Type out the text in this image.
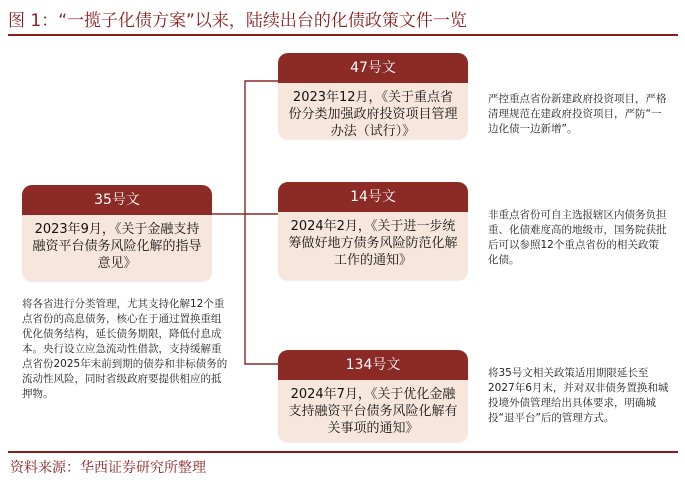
图 1：“一揽子化债方案”以来，陆续出台的化债政策文件一览
35号文
2023年9月，《关于金融支持融资平台债务风险化解的指导意见》
将各省进行分类管理，尤其支持化解12个重点省份的高息债务，核心在于通过置换重组优化债务结构，延长债务期限，降低付息成本。央行设立应急流动性借款，支持缓解重点省份2025年末前到期的债券和非标债务的流动性风险，同时省级政府要提供相应的抵押物。
47号文
2023年12月，《关于重点省份分类加强政府投资项目管理办法（试行）》
严控重点省份新建政府投资项目，严格清理规范在建政府投资项目，严防“一边化债一边新增”。
14号文
2024年2月，《关于进一步统筹做好地方债务风险防范化解工作的通知》
非重点省份可自主选报辖区内债务负担重、化债难度高的地级市，国务院获批后可以参照12个重点省份的相关政策化债。
134号文
2024年7月，《关于优化金融支持融资平台债务风险化解有关事项的通知》
将35号文相关政策适用期限延长至2027年6月末，并对双非债务置换和城投境外债管理给出具体要求，明确城投“退平台”后的管理方式。
资料来源：华西证券研究所整理
